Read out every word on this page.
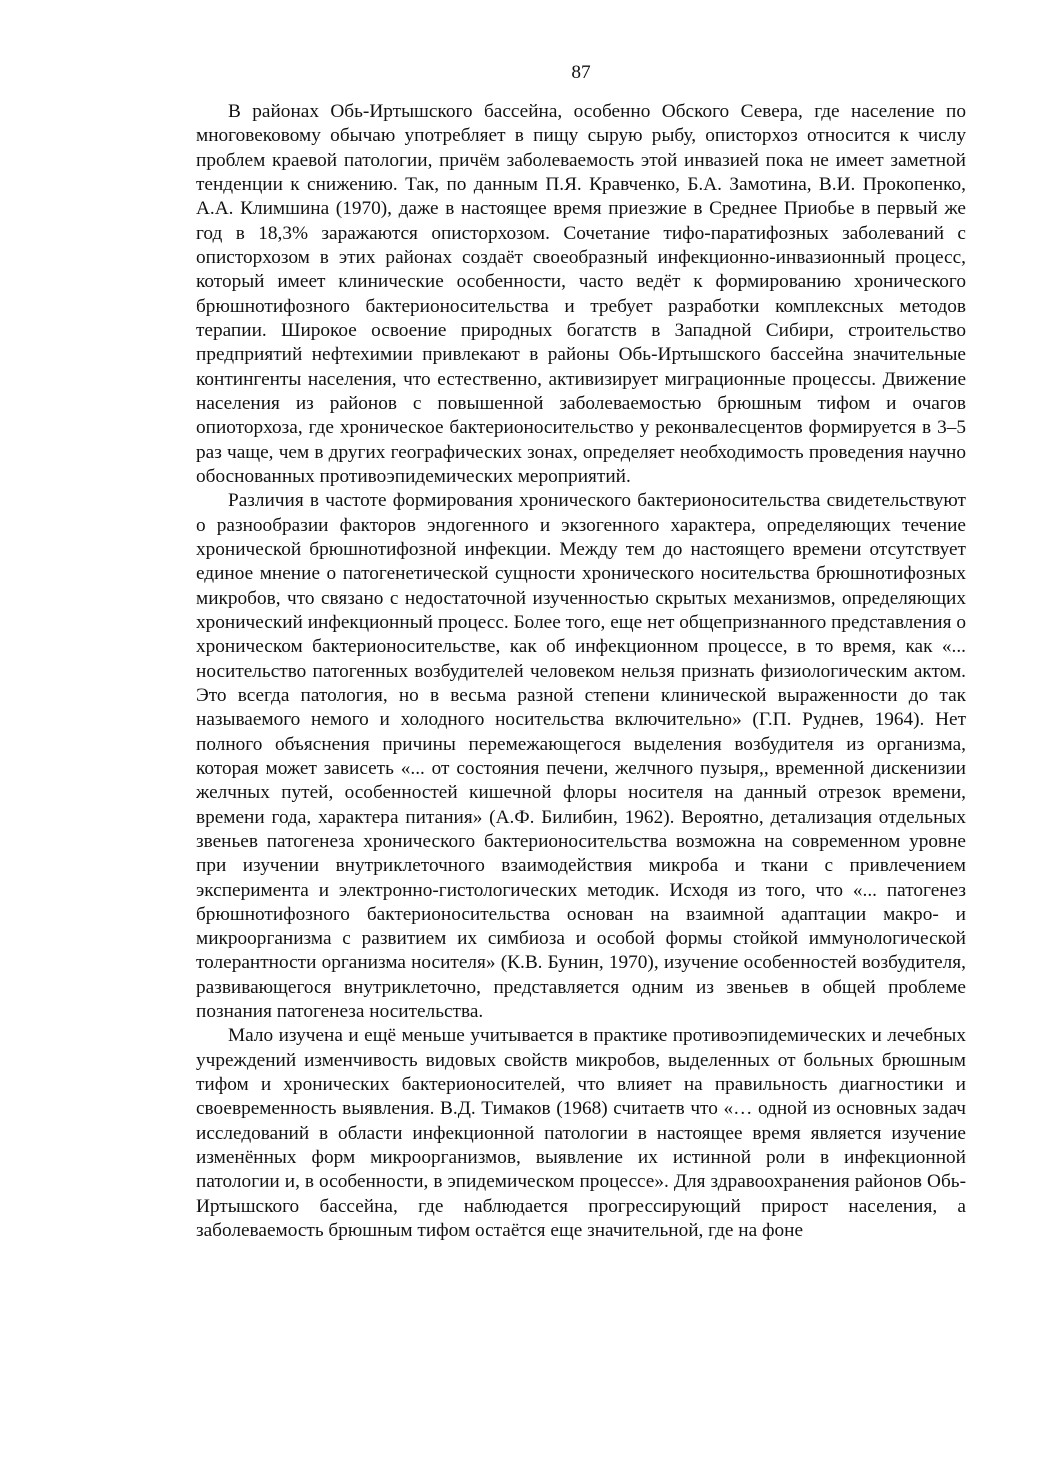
87

В районах Обь-Иртышского бассейна, особенно Обского Севера, где население по многовековому обычаю употребляет в пищу сырую рыбу, описторхоз относится к числу проблем краевой патологии, причём заболеваемость этой инвазией пока не имеет заметной тенденции к снижению. Так, по данным П.Я. Кравченко, Б.А. Замотина, В.И. Прокопенко, А.А. Климшина (1970), даже в настоящее время приезжие в Среднее Приобье в первый же год в 18,3% заражаются описторхозом. Сочетание тифо-паратифозных заболеваний с описторхозом в этих районах создаёт своеобразный инфекционно-инвазионный процесс, который имеет клинические особенности, часто ведёт к формированию хронического брюшнотифозного бактерионосительства и требует разработки комплексных методов терапии. Широкое освоение природных богатств в Западной Сибири, строительство предприятий нефтехимии привлекают в районы Обь-Иртышского бассейна значительные контингенты населения, что естественно, активизирует миграционные процессы. Движение населения из районов с повышенной заболеваемостью брюшным тифом и очагов опиоторхоза, где хроническое бактерионосительство у реконвалесцентов формируется в 3–5 раз чаще, чем в других географических зонах, определяет необходимость проведения научно обоснованных противоэпидемических мероприятий.

Различия в частоте формирования хронического бактерионосительства свидетельствуют о разнообразии факторов эндогенного и экзогенного характера, определяющих течение хронической брюшнотифозной инфекции. Между тем до настоящего времени отсутствует единое мнение о патогенетической сущности хронического носительства брюшнотифозных микробов, что связано с недостаточной изученностью скрытых механизмов, определяющих хронический инфекционный процесс. Более того, еще нет общепризнанного представления о хроническом бактерионосительстве, как об инфекционном процессе, в то время, как «... носительство патогенных возбудителей человеком нельзя признать физиологическим актом. Это всегда патология, но в весьма разной степени клинической выраженности до так называемого немого и холодного носительства включительно» (Г.П. Руднев, 1964). Нет полного объяснения причины перемежающегося выделения возбудителя из организма, которая может зависеть «... от состояния печени, желчного пузыря,, временной дискенизии желчных путей, особенностей кишечной флоры носителя на данный отрезок времени, времени года, характера питания» (А.Ф. Билибин, 1962). Вероятно, детализация отдельных звеньев патогенеза хронического бактерионосительства возможна на современном уровне при изучении внутриклеточного взаимодействия микроба и ткани с привлечением эксперимента и электронно-гистологических методик. Исходя из того, что «... патогенез брюшнотифозного бактерионосительства основан на взаимной адаптации макро- и микроорганизма с развитием их симбиоза и особой формы стойкой иммунологической толерантности организма носителя» (К.В. Бунин, 1970), изучение особенностей возбудителя, развивающегося внутриклеточно, представляется одним из звеньев в общей проблеме познания патогенеза носительства.

Мало изучена и ещё меньше учитывается в практике противоэпидемических и лечебных учреждений изменчивость видовых свойств микробов, выделенных от больных брюшным тифом и хронических бактерионосителей, что влияет на правильность диагностики и своевременность выявления. В.Д. Тимаков (1968) считаетв что «… одной из основных задач исследований в области инфекционной патологии в настоящее время является изучение изменённых форм микроорганизмов, выявление их истинной роли в инфекционной патологии и, в особенности, в эпидемическом процессе». Для здравоохранения районов Обь-Иртышского бассейна, где наблюдается прогрессирующий прирост населения, а заболеваемость брюшным тифом остаётся еще значительной, где на фоне
